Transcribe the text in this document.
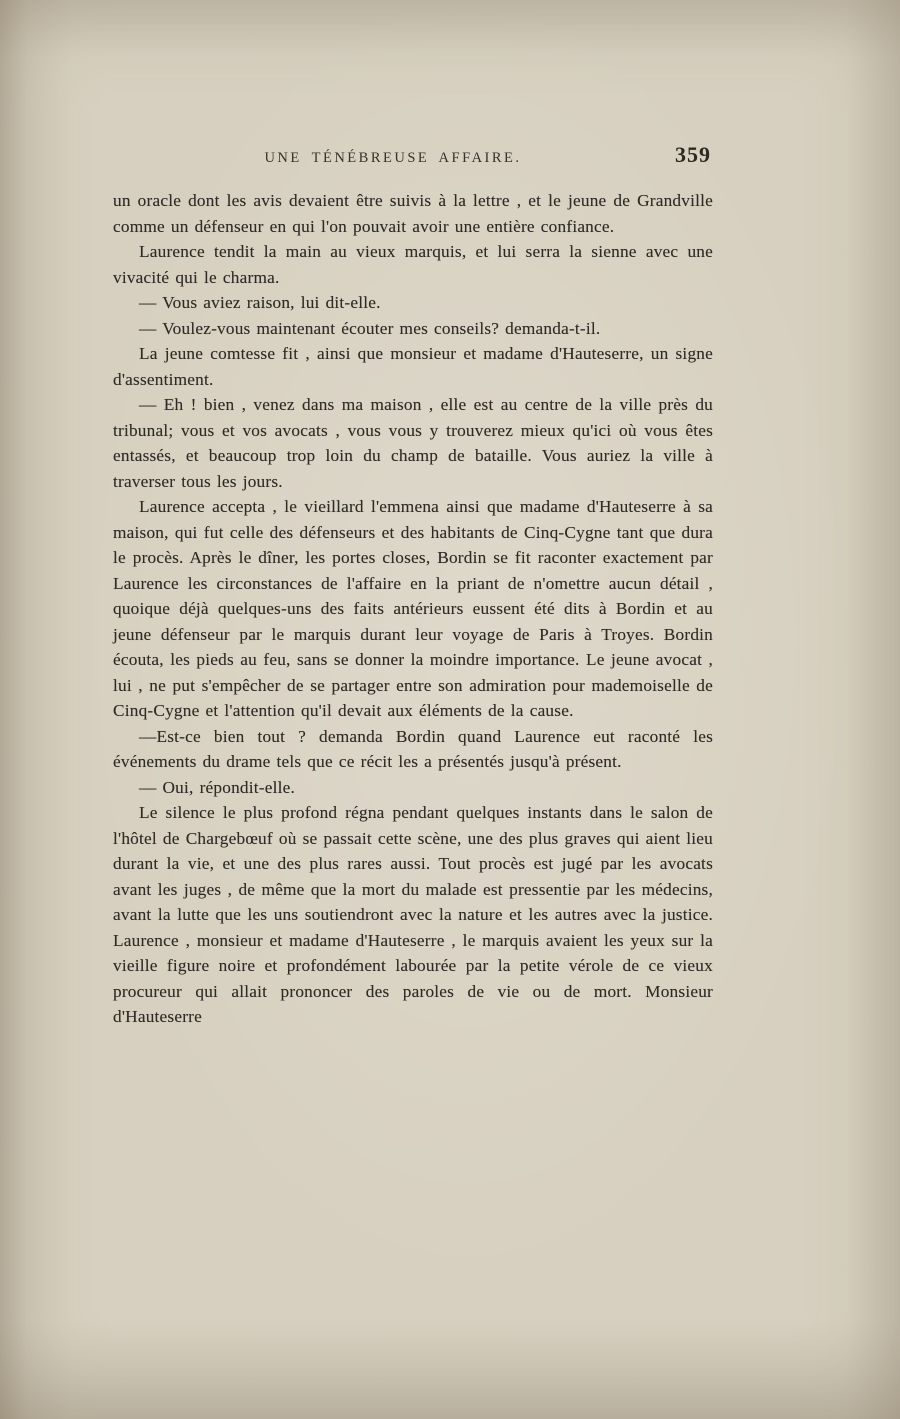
UNE TÉNÉBREUSE AFFAIRE.	359

un oracle dont les avis devaient être suivis à la lettre , et le jeune de Grandville comme un défenseur en qui l'on pouvait avoir une entière confiance.

Laurence tendit la main au vieux marquis, et lui serra la sienne avec une vivacité qui le charma.

— Vous aviez raison, lui dit-elle.

— Voulez-vous maintenant écouter mes conseils? demanda-t-il.

La jeune comtesse fit , ainsi que monsieur et madame d'Hauteserre, un signe d'assentiment.

— Eh ! bien , venez dans ma maison , elle est au centre de la ville près du tribunal; vous et vos avocats , vous vous y trouverez mieux qu'ici où vous êtes entassés, et beaucoup trop loin du champ de bataille. Vous auriez la ville à traverser tous les jours.

Laurence accepta , le vieillard l'emmena ainsi que madame d'Hauteserre à sa maison, qui fut celle des défenseurs et des habitants de Cinq-Cygne tant que dura le procès. Après le dîner, les portes closes, Bordin se fit raconter exactement par Laurence les circonstances de l'affaire en la priant de n'omettre aucun détail , quoique déjà quelques-uns des faits antérieurs eussent été dits à Bordin et au jeune défenseur par le marquis durant leur voyage de Paris à Troyes. Bordin écouta, les pieds au feu, sans se donner la moindre importance. Le jeune avocat , lui , ne put s'empêcher de se partager entre son admiration pour mademoiselle de Cinq-Cygne et l'attention qu'il devait aux éléments de la cause.

—Est-ce bien tout ? demanda Bordin quand Laurence eut raconté les événements du drame tels que ce récit les a présentés jusqu'à présent.

— Oui, répondit-elle.

Le silence le plus profond régna pendant quelques instants dans le salon de l'hôtel de Chargebœuf où se passait cette scène, une des plus graves qui aient lieu durant la vie, et une des plus rares aussi. Tout procès est jugé par les avocats avant les juges , de même que la mort du malade est pressentie par les médecins, avant la lutte que les uns soutiendront avec la nature et les autres avec la justice. Laurence , monsieur et madame d'Hauteserre , le marquis avaient les yeux sur la vieille figure noire et profondément labourée par la petite vérole de ce vieux procureur qui allait prononcer des paroles de vie ou de mort. Monsieur d'Hauteserre
